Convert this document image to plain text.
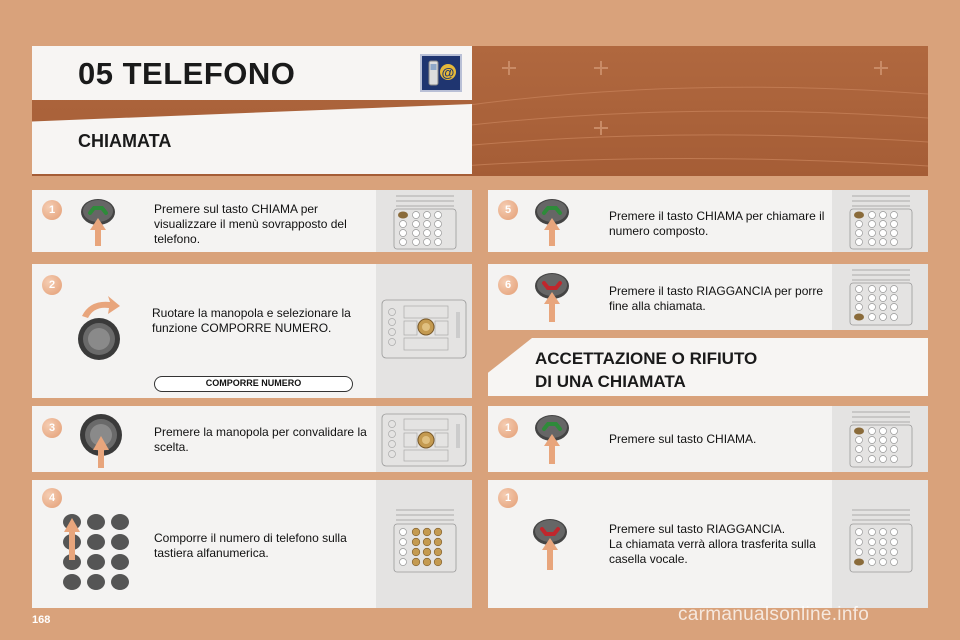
05 TELEFONO	@
CHIAMATA
1	Premere sul tasto CHIAMA per visualizzare il menù sovrapposto del telefono.
2
Ruotare la manopola e selezionare la funzione COMPORRE NUMERO.
COMPORRE NUMERO
3	Premere la manopola per convalidare la scelta.
4
Comporre il numero di telefono sulla tastiera alfanumerica.
5	Premere il tasto CHIAMA per chiamare il numero composto.
6	Premere il tasto RIAGGANCIA per porre fine alla chiamata.
ACCETTAZIONE O RIFIUTO
DI UNA CHIAMATA
1
Premere sul tasto CHIAMA.
1
Premere sul tasto RIAGGANCIA.
La chiamata verrà allora trasferita sulla casella vocale.
168	carmanualsonline.info
